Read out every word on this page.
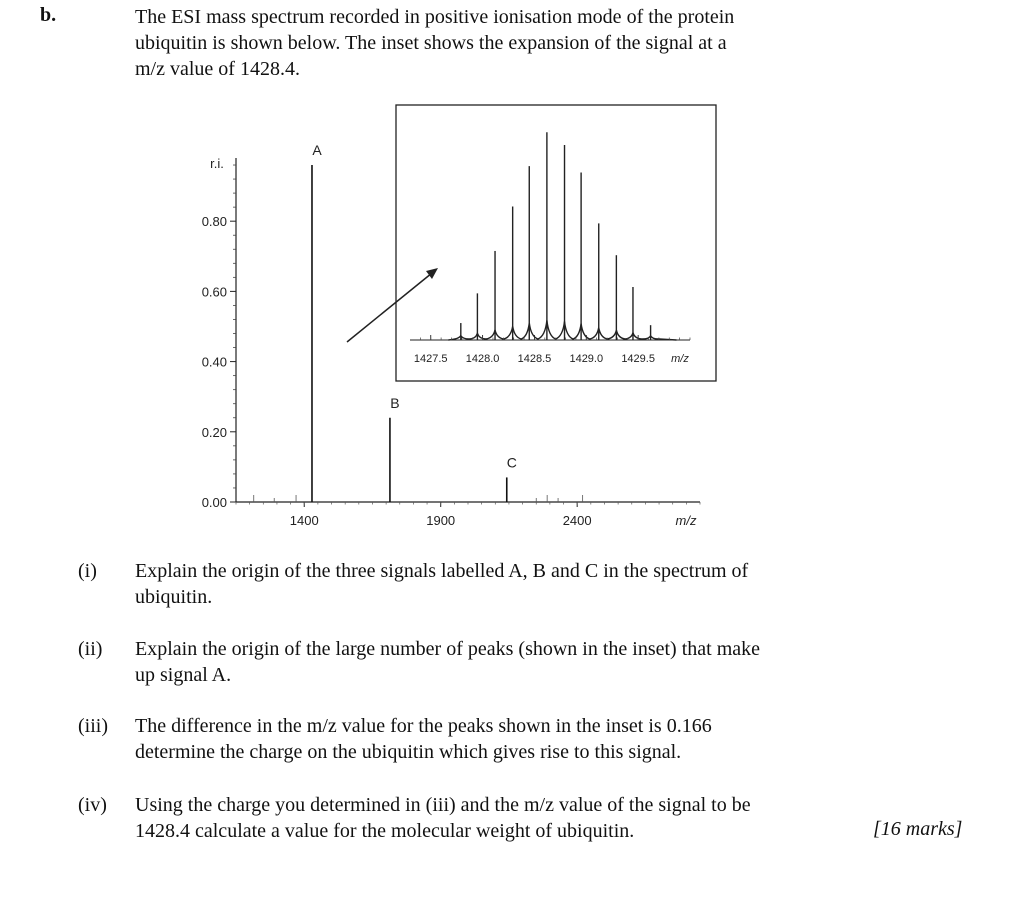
b.	The ESI mass spectrum recorded in positive ionisation mode of the protein
ubiquitin is shown below. The inset shows the expansion of the signal at a
m/z value of 1428.4.
r.i.
m/z
0.00
0.20
0.40
0.60
0.80
1400	1900	2400
A
B
C
1427.5 1428.0 1428.5 1429.0 1429.5 m/z
(i) Explain the origin of the three signals labelled A, B and C in the spectrum of
ubiquitin.
(ii) Explain the origin of the large number of peaks (shown in the inset) that make
up signal A.
(iii) The difference in the m/z value for the peaks shown in the inset is 0.166
determine the charge on the ubiquitin which gives rise to this signal.
(iv) Using the charge you determined in (iii) and the m/z value of the signal to be
1428.4 calculate a value for the molecular weight of ubiquitin.	[16 marks]
